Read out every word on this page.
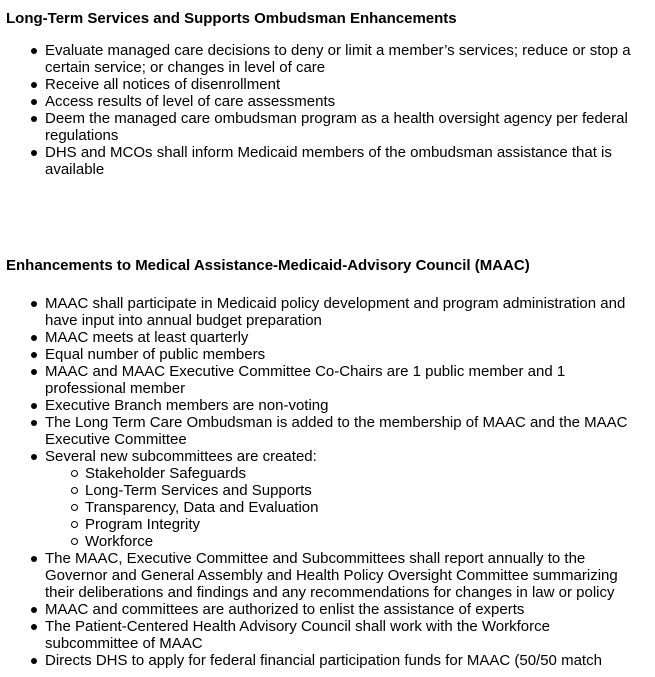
Long-Term Services and Supports Ombudsman Enhancements

Evaluate managed care decisions to deny or limit a member’s services; reduce or stop a certain service; or changes in level of care
Receive all notices of disenrollment
Access results of level of care assessments
Deem the managed care ombudsman program as a health oversight agency per federal regulations
DHS and MCOs shall inform Medicaid members of the ombudsman assistance that is available

Enhancements to Medical Assistance-Medicaid-Advisory Council (MAAC)

MAAC shall participate in Medicaid policy development and program administration and have input into annual budget preparation
MAAC meets at least quarterly
Equal number of public members
MAAC and MAAC Executive Committee Co-Chairs are 1 public member and 1 professional member
Executive Branch members are non-voting
The Long Term Care Ombudsman is added to the membership of MAAC and the MAAC Executive Committee
Several new subcommittees are created:
Stakeholder Safeguards
Long-Term Services and Supports
Transparency, Data and Evaluation
Program Integrity
Workforce
The MAAC, Executive Committee and Subcommittees shall report annually to the Governor and General Assembly and Health Policy Oversight Committee summarizing their deliberations and findings and any recommendations for changes in law or policy
MAAC and committees are authorized to enlist the assistance of experts
The Patient-Centered Health Advisory Council shall work with the Workforce subcommittee of MAAC
Directs DHS to apply for federal financial participation funds for MAAC (50/50 match
